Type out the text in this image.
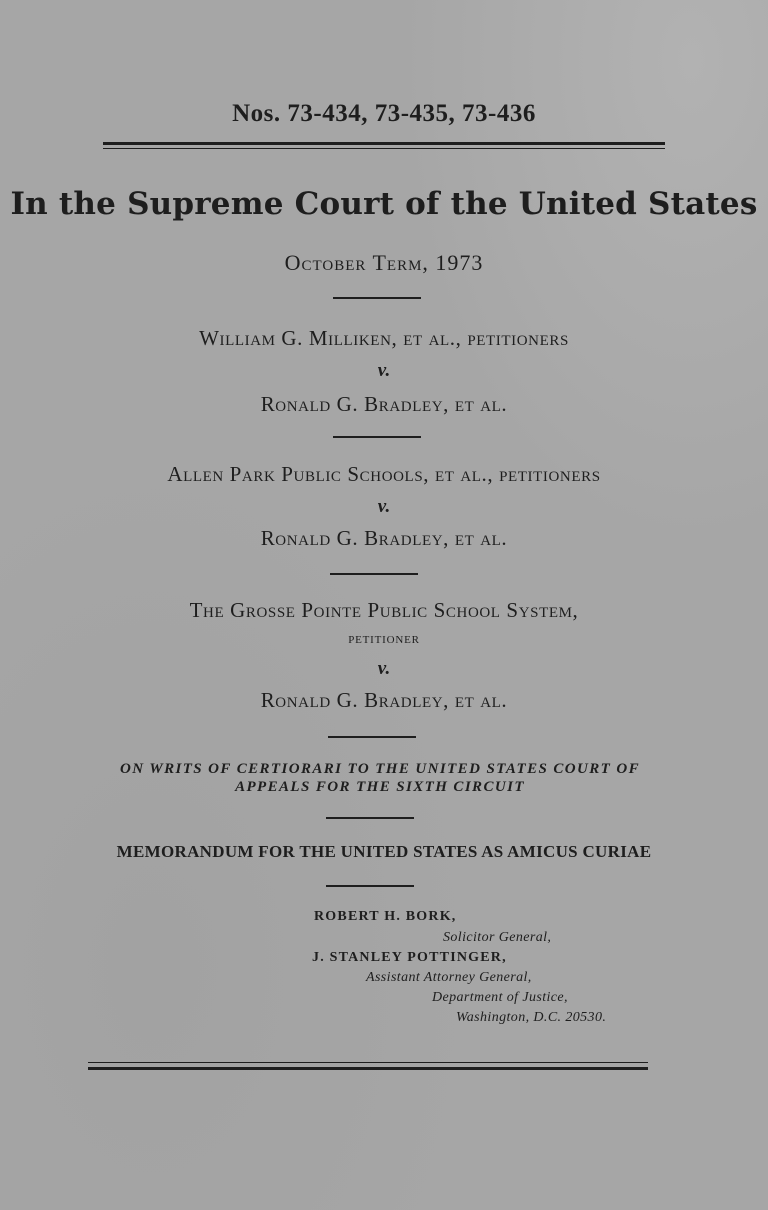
Nos. 73-434, 73-435, 73-436
In the Supreme Court of the United States
October Term, 1973
William G. Milliken, et al., petitioners
v.
Ronald G. Bradley, et al.
Allen Park Public Schools, et al., petitioners
v.
Ronald G. Bradley, et al.
The Grosse Pointe Public School System,
petitioner
v.
Ronald G. Bradley, et al.
ON WRITS OF CERTIORARI TO THE UNITED STATES COURT OF
APPEALS FOR THE SIXTH CIRCUIT
MEMORANDUM FOR THE UNITED STATES AS AMICUS CURIAE
ROBERT H. BORK,
Solicitor General,
J. STANLEY POTTINGER,
Assistant Attorney General,
Department of Justice,
Washington, D.C. 20530.
